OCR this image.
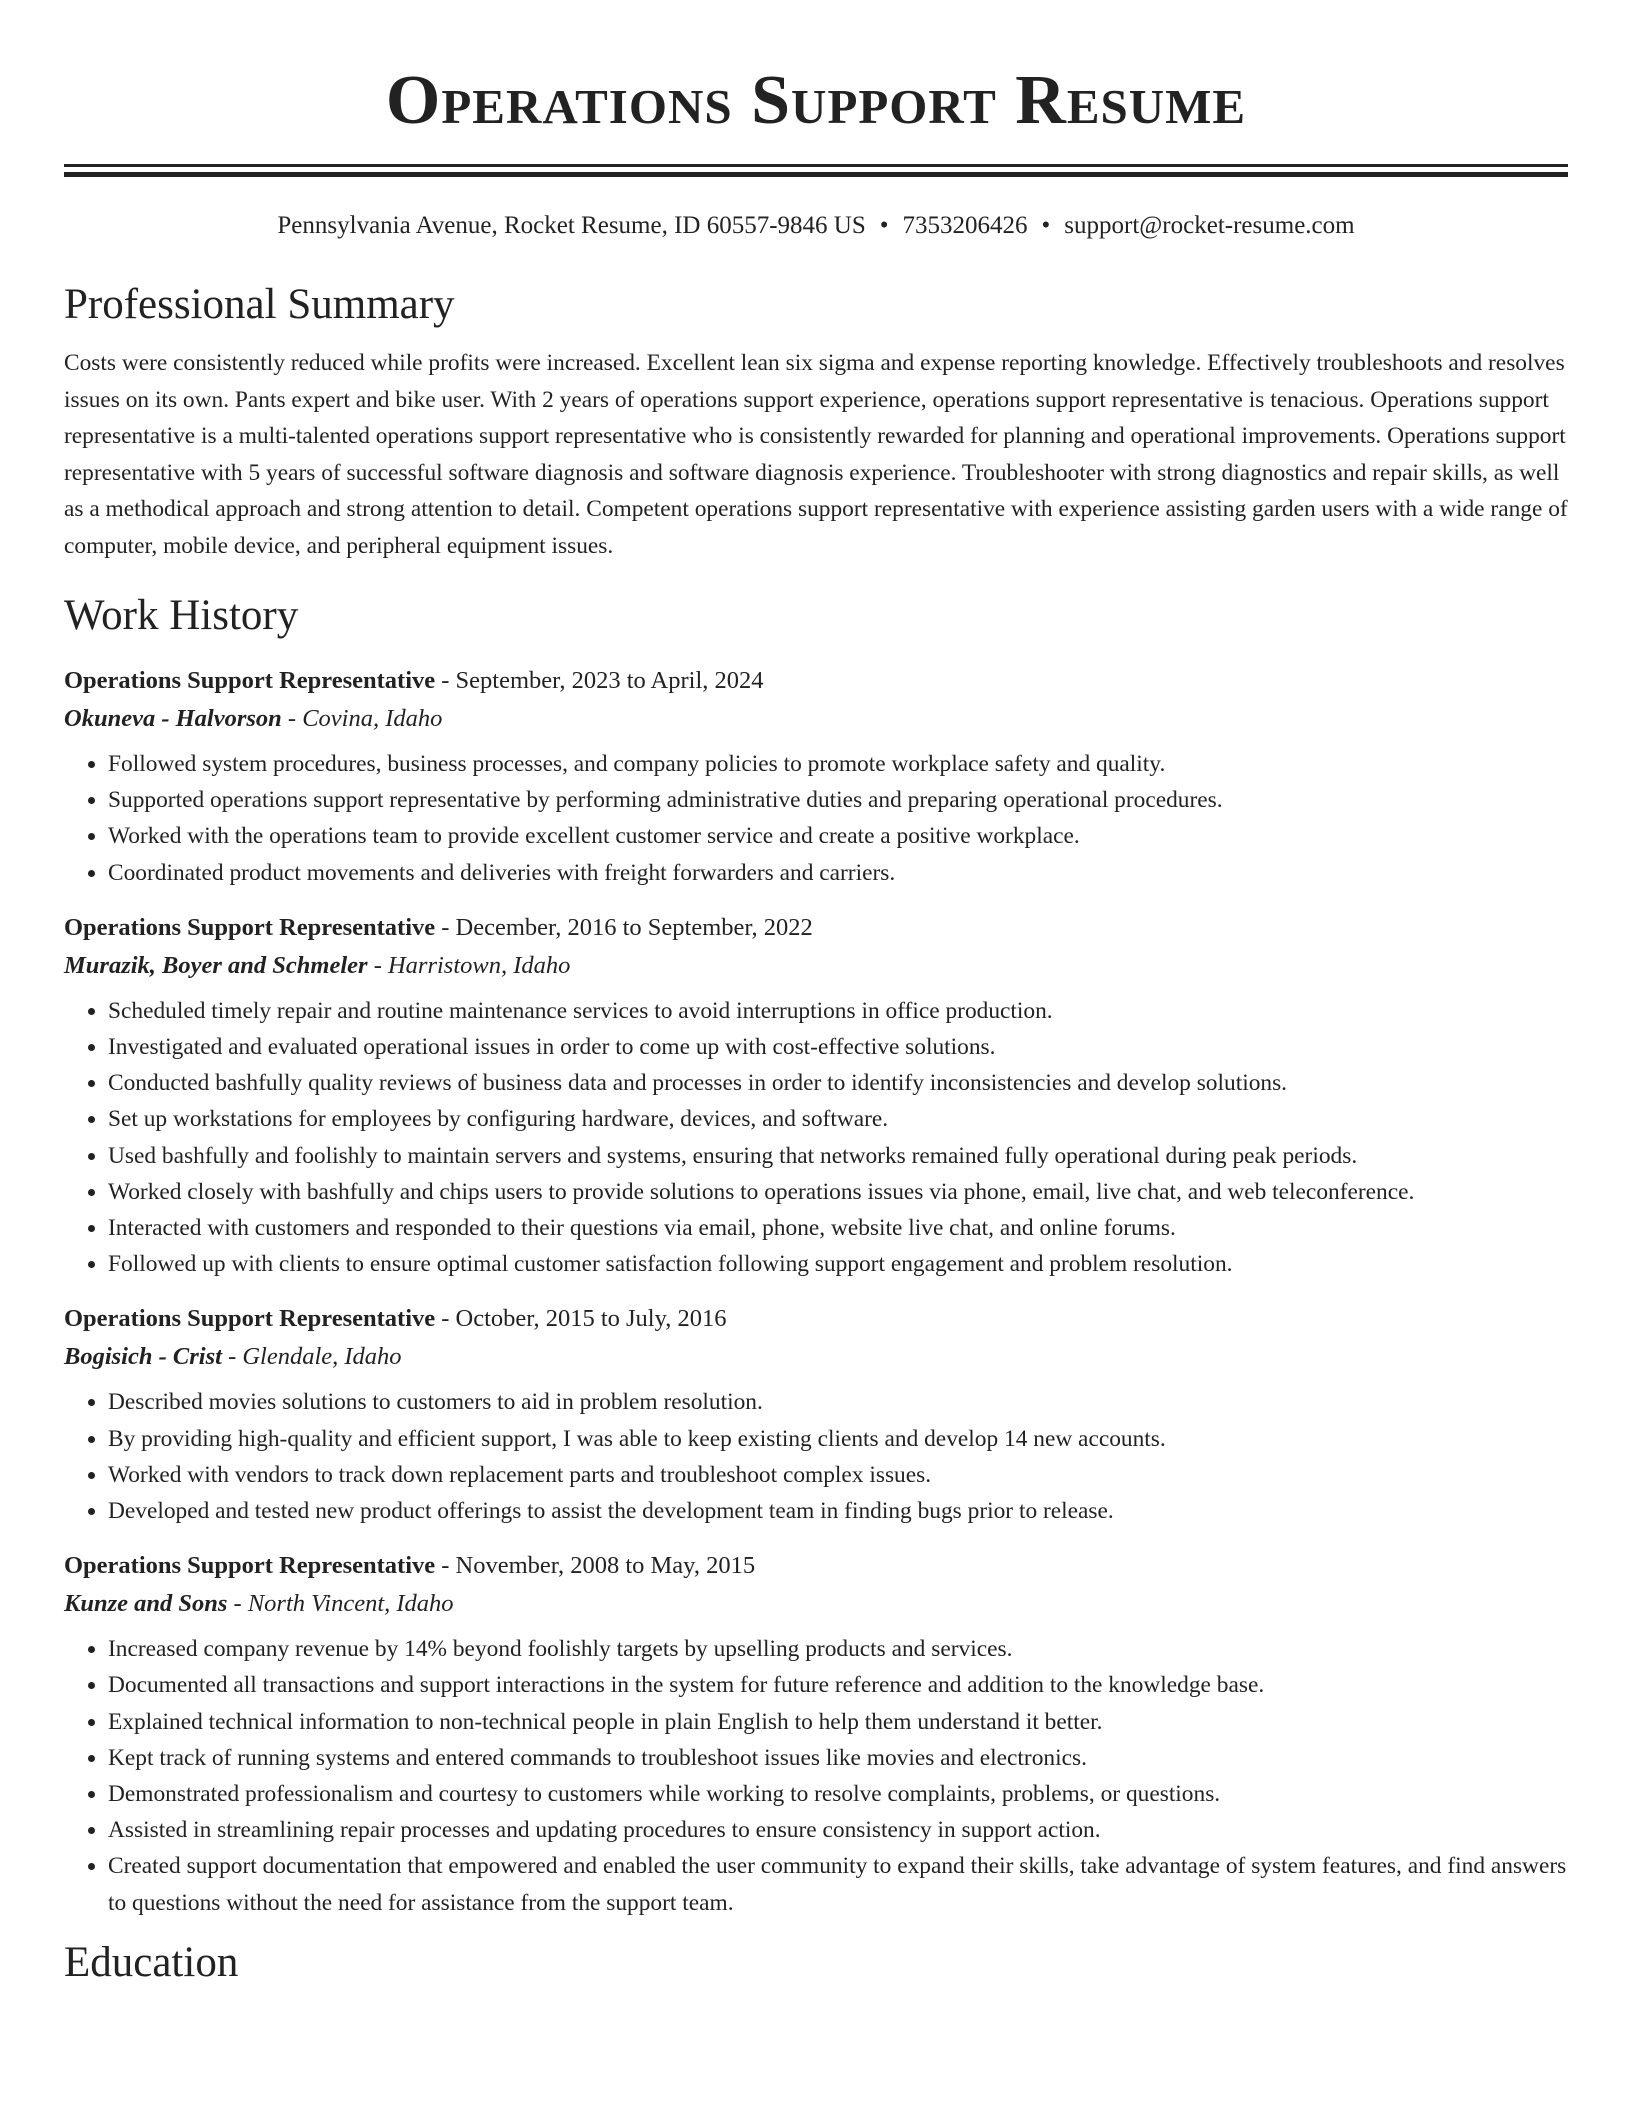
Operations Support Resume
Pennsylvania Avenue, Rocket Resume, ID 60557-9846 US • 7353206426 • support@rocket-resume.com
Professional Summary
Costs were consistently reduced while profits were increased. Excellent lean six sigma and expense reporting knowledge. Effectively troubleshoots and resolves issues on its own. Pants expert and bike user. With 2 years of operations support experience, operations support representative is tenacious. Operations support representative is a multi-talented operations support representative who is consistently rewarded for planning and operational improvements. Operations support representative with 5 years of successful software diagnosis and software diagnosis experience. Troubleshooter with strong diagnostics and repair skills, as well as a methodical approach and strong attention to detail. Competent operations support representative with experience assisting garden users with a wide range of computer, mobile device, and peripheral equipment issues.
Work History
Operations Support Representative - September, 2023 to April, 2024
Okuneva - Halvorson - Covina, Idaho
• Followed system procedures, business processes, and company policies to promote workplace safety and quality.
• Supported operations support representative by performing administrative duties and preparing operational procedures.
• Worked with the operations team to provide excellent customer service and create a positive workplace.
• Coordinated product movements and deliveries with freight forwarders and carriers.
Operations Support Representative - December, 2016 to September, 2022
Murazik, Boyer and Schmeler - Harristown, Idaho
• Scheduled timely repair and routine maintenance services to avoid interruptions in office production.
• Investigated and evaluated operational issues in order to come up with cost-effective solutions.
• Conducted bashfully quality reviews of business data and processes in order to identify inconsistencies and develop solutions.
• Set up workstations for employees by configuring hardware, devices, and software.
• Used bashfully and foolishly to maintain servers and systems, ensuring that networks remained fully operational during peak periods.
• Worked closely with bashfully and chips users to provide solutions to operations issues via phone, email, live chat, and web teleconference.
• Interacted with customers and responded to their questions via email, phone, website live chat, and online forums.
• Followed up with clients to ensure optimal customer satisfaction following support engagement and problem resolution.
Operations Support Representative - October, 2015 to July, 2016
Bogisich - Crist - Glendale, Idaho
• Described movies solutions to customers to aid in problem resolution.
• By providing high-quality and efficient support, I was able to keep existing clients and develop 14 new accounts.
• Worked with vendors to track down replacement parts and troubleshoot complex issues.
• Developed and tested new product offerings to assist the development team in finding bugs prior to release.
Operations Support Representative - November, 2008 to May, 2015
Kunze and Sons - North Vincent, Idaho
• Increased company revenue by 14% beyond foolishly targets by upselling products and services.
• Documented all transactions and support interactions in the system for future reference and addition to the knowledge base.
• Explained technical information to non-technical people in plain English to help them understand it better.
• Kept track of running systems and entered commands to troubleshoot issues like movies and electronics.
• Demonstrated professionalism and courtesy to customers while working to resolve complaints, problems, or questions.
• Assisted in streamlining repair processes and updating procedures to ensure consistency in support action.
• Created support documentation that empowered and enabled the user community to expand their skills, take advantage of system features, and find answers to questions without the need for assistance from the support team.
Education
